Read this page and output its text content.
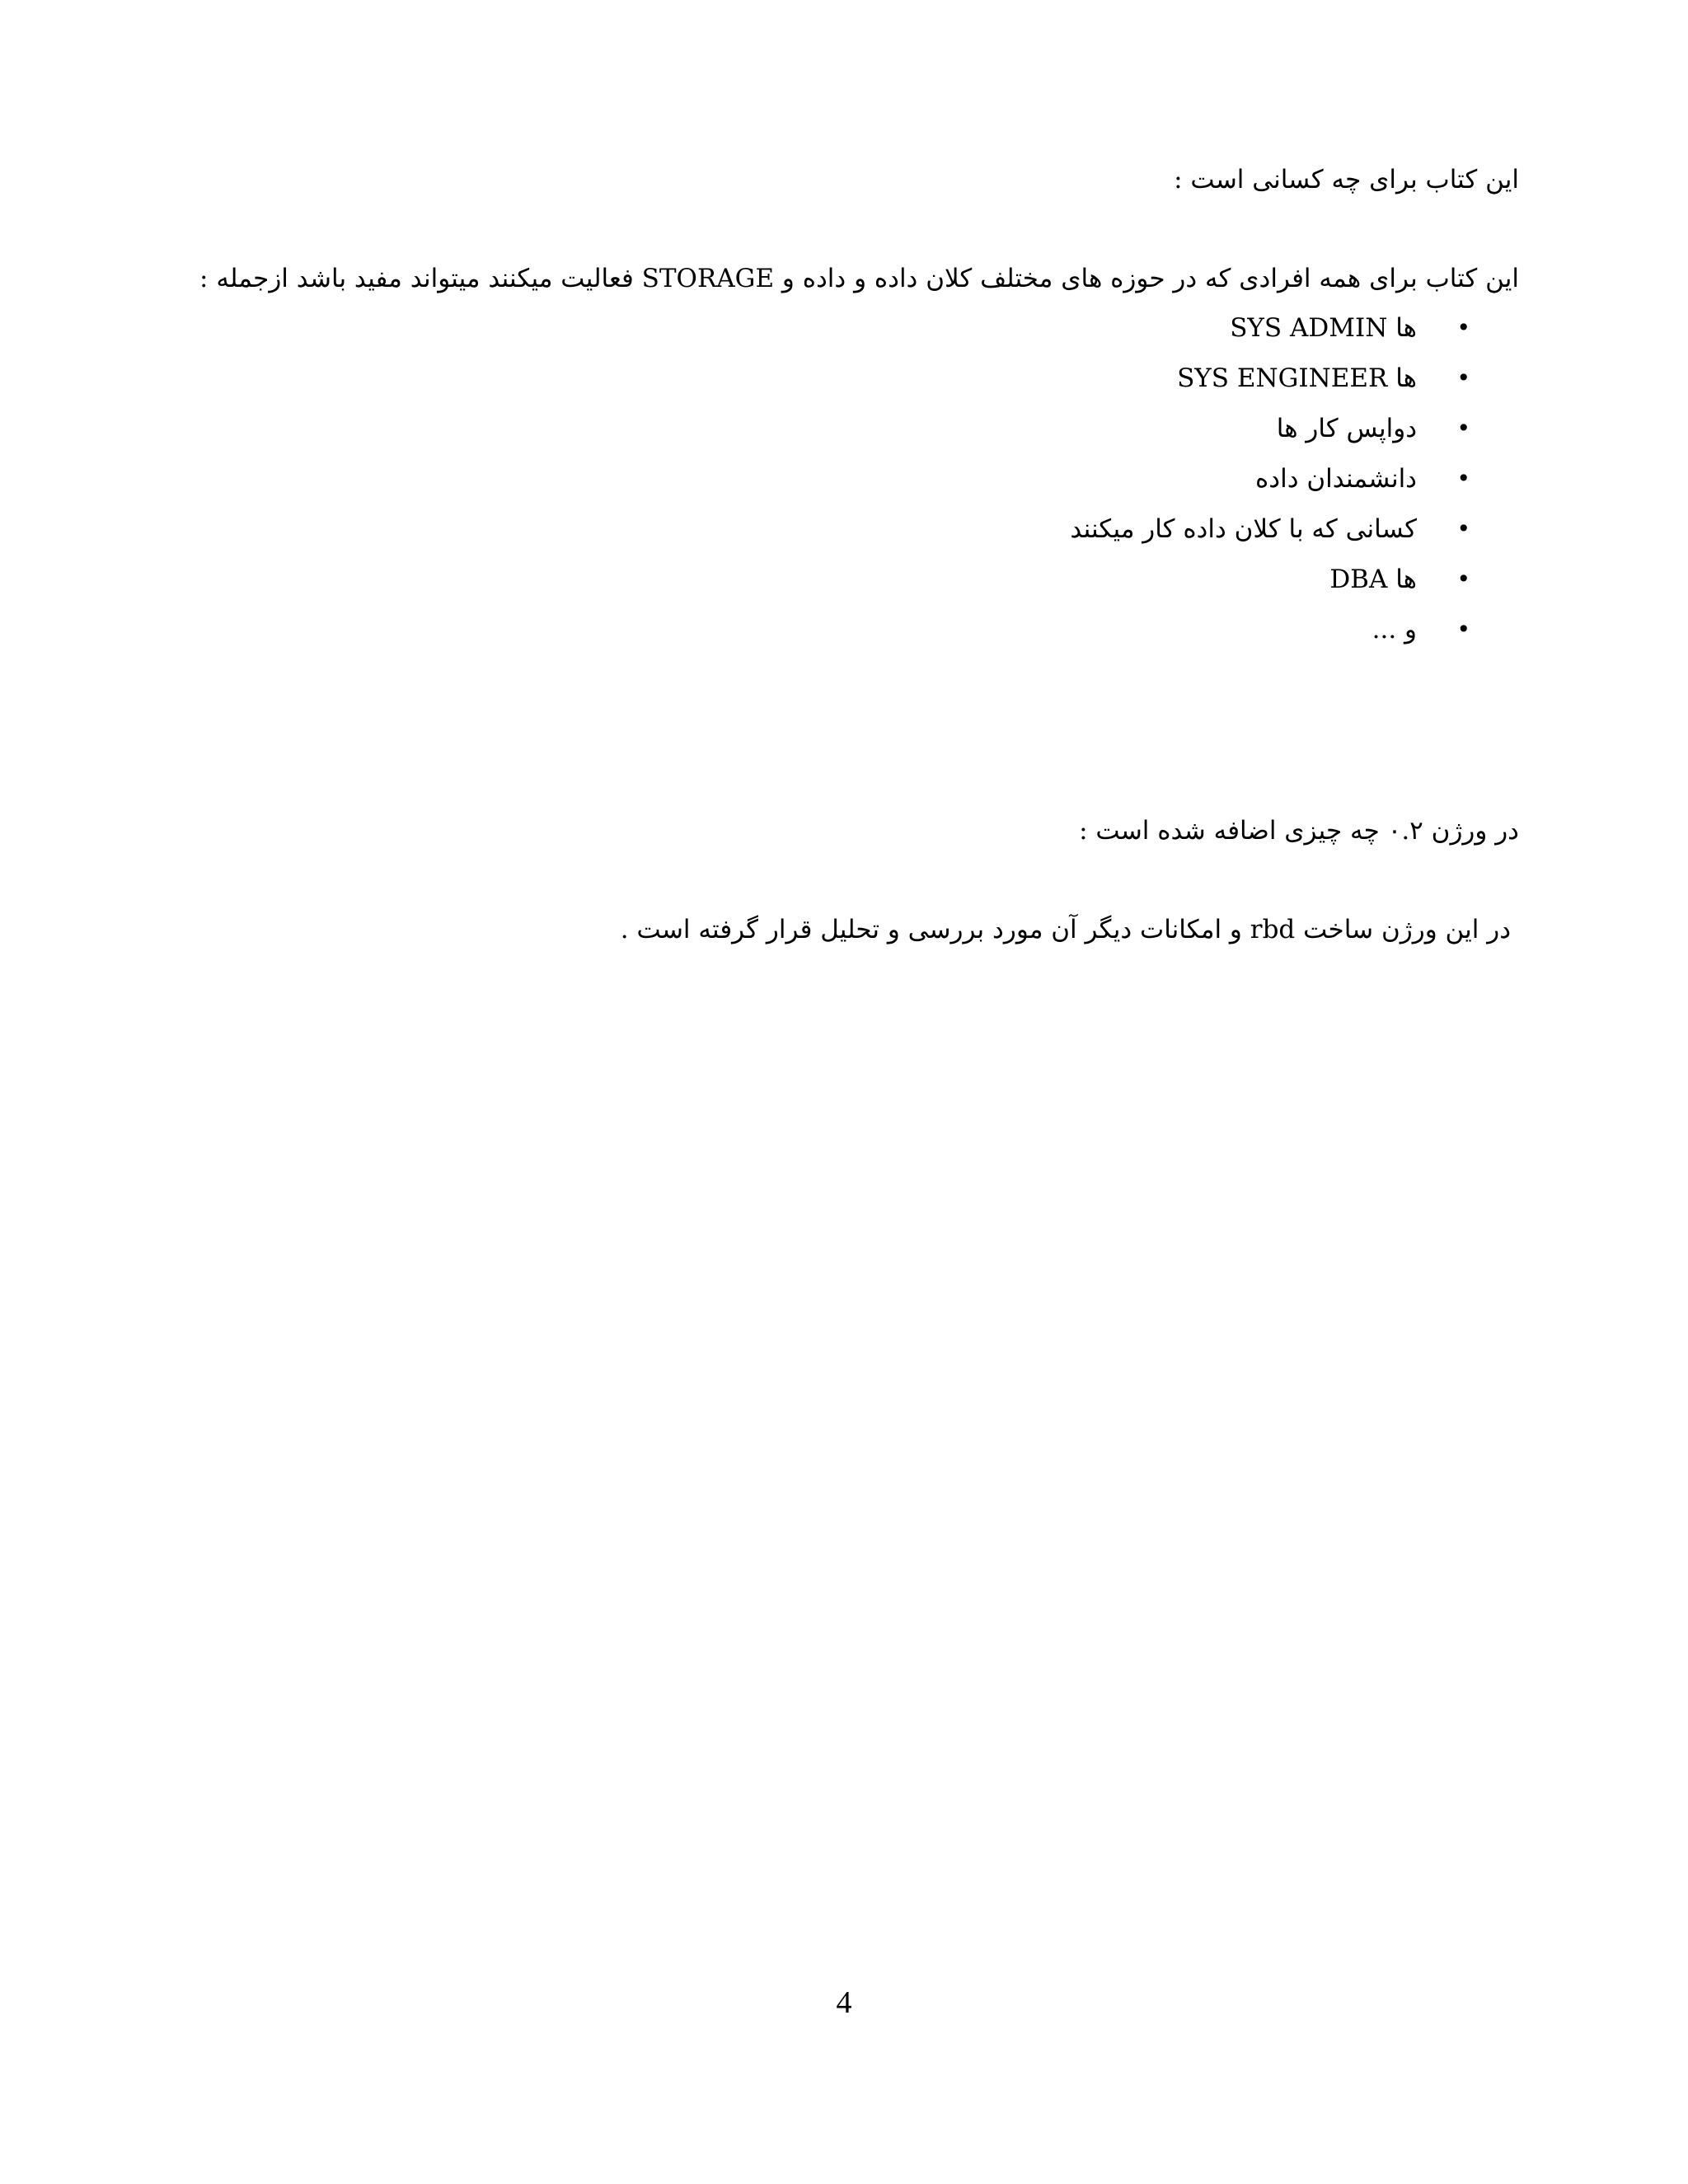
این کتاب برای چه کسانی است :
این کتاب برای همه افرادی که در حوزه های مختلف کلان داده و داده و STORAGE فعالیت میکنند میتواند مفید باشد ازجمله :
•
SYS ADMIN ها
•
SYS ENGINEER ها
•
دواپس کار ها
•
دانشمندان داده
•
کسانی که با کلان داده کار میکنند
•
DBA ها
•
و ...
در ورژن ۰.۲ چه چیزی اضافه شده است :
در این ورژن ساخت rbd و امکانات دیگر آن مورد بررسی و تحلیل قرار گرفته است .
4
